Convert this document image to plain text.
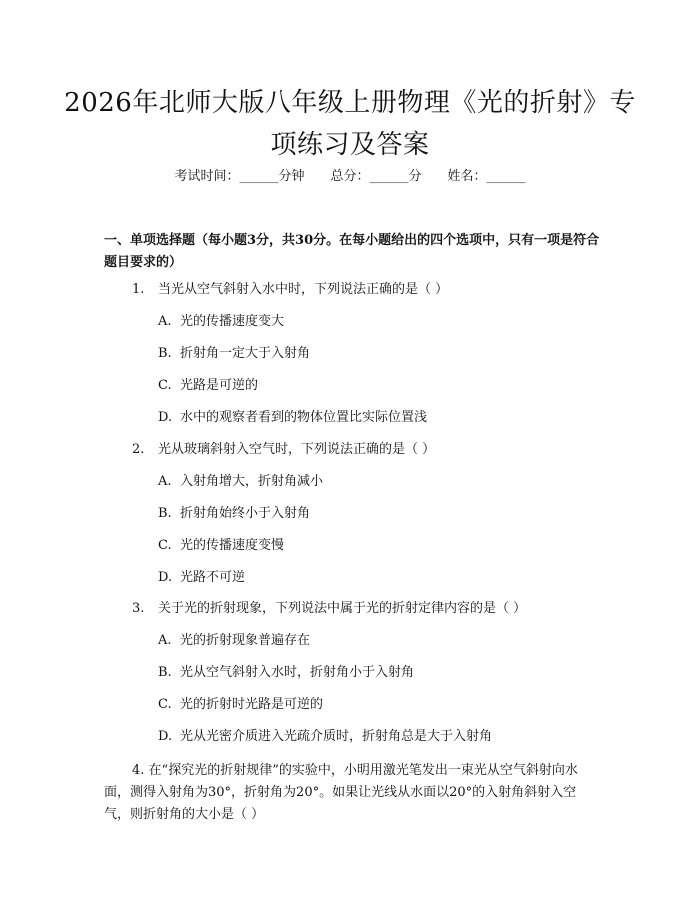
2026年北师大版八年级上册物理《光的折射》专项练习及答案
考试时间：______分钟 总分：______分 姓名：______
一、单项选择题（每小题3分，共30分。在每小题给出的四个选项中，只有一项是符合题目要求的）
1. 当光从空气斜射入水中时，下列说法正确的是（ ）
A. 光的传播速度变大
B. 折射角一定大于入射角
C. 光路是可逆的
D. 水中的观察者看到的物体位置比实际位置浅
2. 光从玻璃斜射入空气时，下列说法正确的是（ ）
A. 入射角增大，折射角减小
B. 折射角始终小于入射角
C. 光的传播速度变慢
D. 光路不可逆
3. 关于光的折射现象，下列说法中属于光的折射定律内容的是（ ）
A. 光的折射现象普遍存在
B. 光从空气斜射入水时，折射角小于入射角
C. 光的折射时光路是可逆的
D. 光从光密介质进入光疏介质时，折射角总是大于入射角
4. 在“探究光的折射规律”的实验中，小明用激光笔发出一束光从空气斜射向水面，测得入射角为30°，折射角为20°。如果让光线从水面以20°的入射角斜射入空气，则折射角的大小是（ ）
